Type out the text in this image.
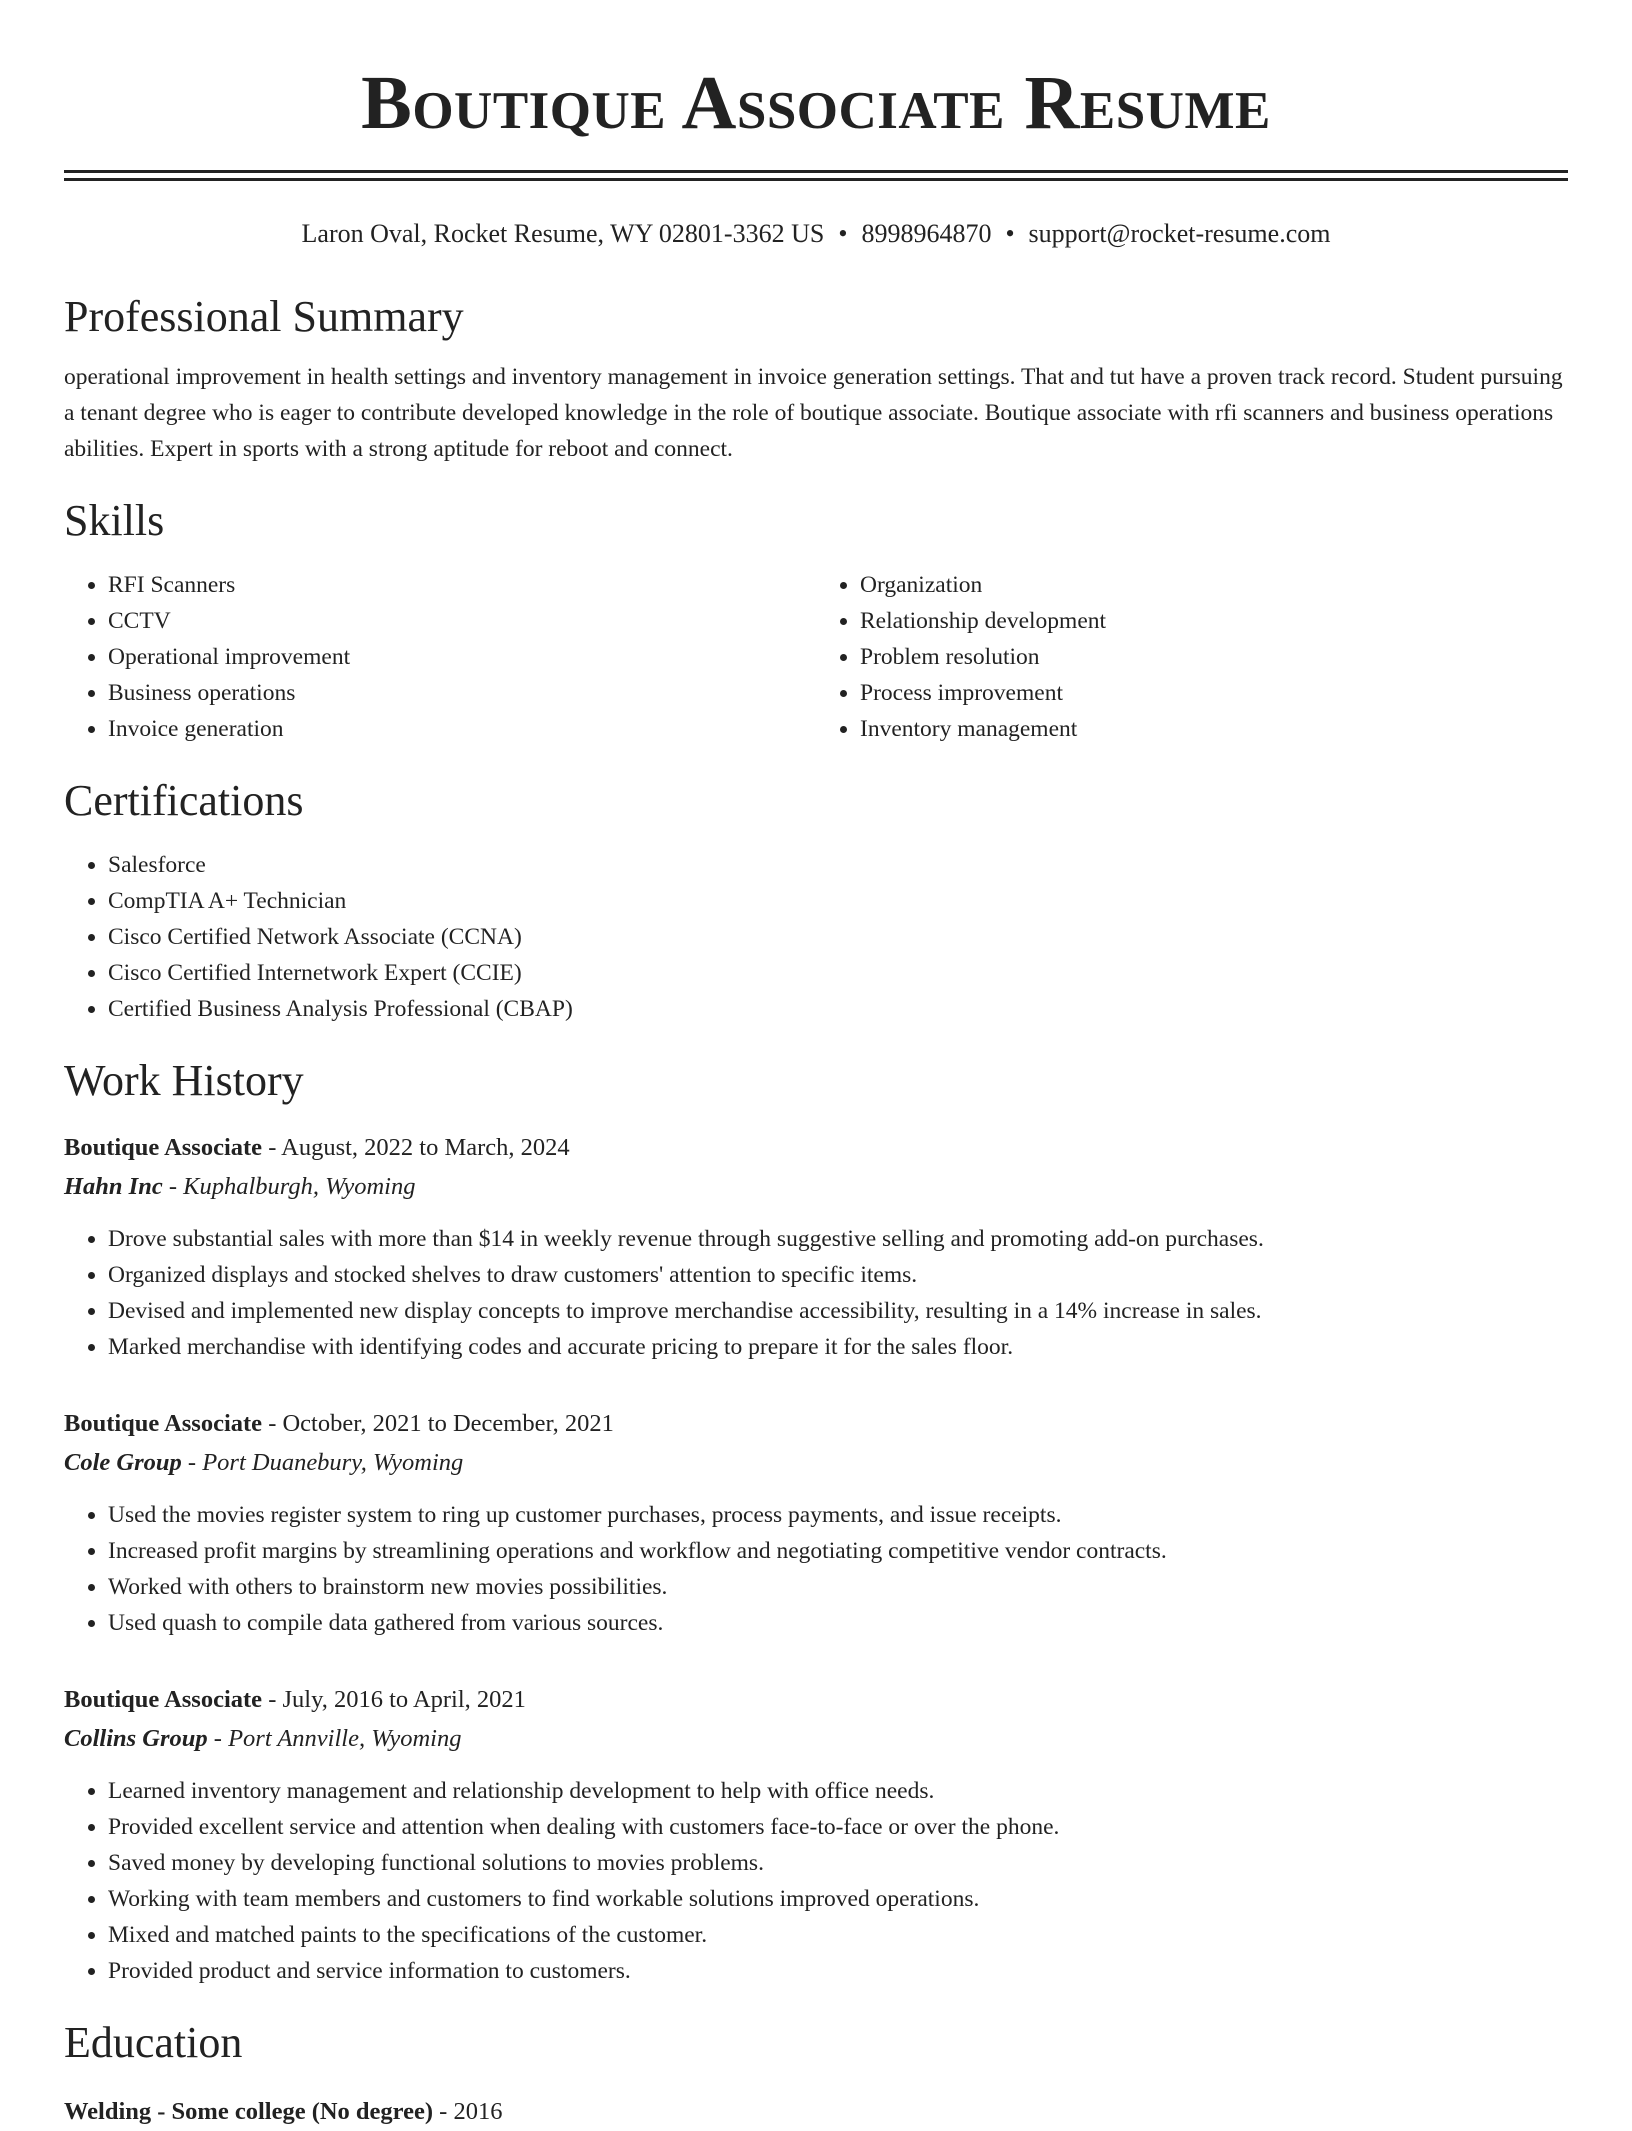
Boutique Associate Resume
Laron Oval, Rocket Resume, WY 02801-3362 US • 8998964870 • support@rocket-resume.com
Professional Summary

operational improvement in health settings and inventory management in invoice generation settings. That and tut have a proven track record. Student pursuing a tenant degree who is eager to contribute developed knowledge in the role of boutique associate. Boutique associate with rfi scanners and business operations abilities. Expert in sports with a strong aptitude for reboot and connect.

Skills
• RFI Scanners
• CCTV
• Operational improvement
• Business operations
• Invoice generation
• Organization
• Relationship development
• Problem resolution
• Process improvement
• Inventory management
Certifications
• Salesforce
• CompTIA A+ Technician
• Cisco Certified Network Associate (CCNA)
• Cisco Certified Internetwork Expert (CCIE)
• Certified Business Analysis Professional (CBAP)
Work History
Boutique Associate - August, 2022 to March, 2024
Hahn Inc - Kuphalburgh, Wyoming
• Drove substantial sales with more than $14 in weekly revenue through suggestive selling and promoting add-on purchases.
• Organized displays and stocked shelves to draw customers' attention to specific items.
• Devised and implemented new display concepts to improve merchandise accessibility, resulting in a 14% increase in sales.
• Marked merchandise with identifying codes and accurate pricing to prepare it for the sales floor.
Boutique Associate - October, 2021 to December, 2021
Cole Group - Port Duanebury, Wyoming
• Used the movies register system to ring up customer purchases, process payments, and issue receipts.
• Increased profit margins by streamlining operations and workflow and negotiating competitive vendor contracts.
• Worked with others to brainstorm new movies possibilities.
• Used quash to compile data gathered from various sources.
Boutique Associate - July, 2016 to April, 2021
Collins Group - Port Annville, Wyoming
• Learned inventory management and relationship development to help with office needs.
• Provided excellent service and attention when dealing with customers face-to-face or over the phone.
• Saved money by developing functional solutions to movies problems.
• Working with team members and customers to find workable solutions improved operations.
• Mixed and matched paints to the specifications of the customer.
• Provided product and service information to customers.
Education
Welding - Some college (No degree) - 2016
